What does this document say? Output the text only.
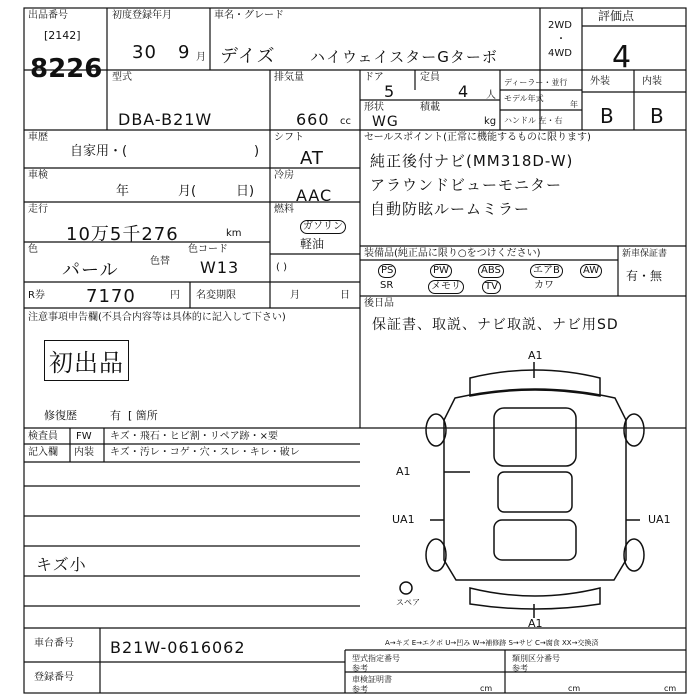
出品番号
[2142]
8226
初度登録年月
30 9 月
車名・グレード
デイズ ハイウェイスターGターボ
2WD
・
4WD
評価点
4
型式
DBA-B21W
排気量
660 cc
ドア
5
定員
4 人
形状
WG
積載
kg
ディーラー・並行
モデル年式
年
ハンドル 左・右
外装	内装
B B
車歴
自家用・(	)
車検
年	月(	日)
走行
10万5千276	km
色
パール	色替
色コード
W13
R券 7170	円 名変期限	月	日
シフト
AT
冷房
AAC
燃料
ガソリン
軽油
( )
セールスポイント(正常に機能するものに限ります)
純正後付ナビ(MM318D-W)
アラウンドビューモニター
自動防眩ルームミラー
装備品(純正品に限り○をつけください)	新車保証書
有・無
PS	PW	ABS	エアB	AW
SR	メモリ	TV	カワ
後日品
保証書、取説、ナビ取説、ナビ用SD
注意事項申告欄(不具合内容等は具体的に記入して下さい)
初出品
修復歴	有 [ 箇所
検査員
記入欄
FW キズ・飛石・ヒビ割・リペア跡・×要
内装 キズ・汚レ・コゲ・穴・スレ・キレ・破レ
キズ小
A1
A1
UA1	UA1
A1
スペア
A→キズ E→エクボ U→凹み W→補修跡 S→サビ C→腐食 XX→交換済
車台番号 B21W-0616062
登録番号
型式指定番号
参考
類別区分番号
参考
車検証明書
参考	cm	cm	cm
